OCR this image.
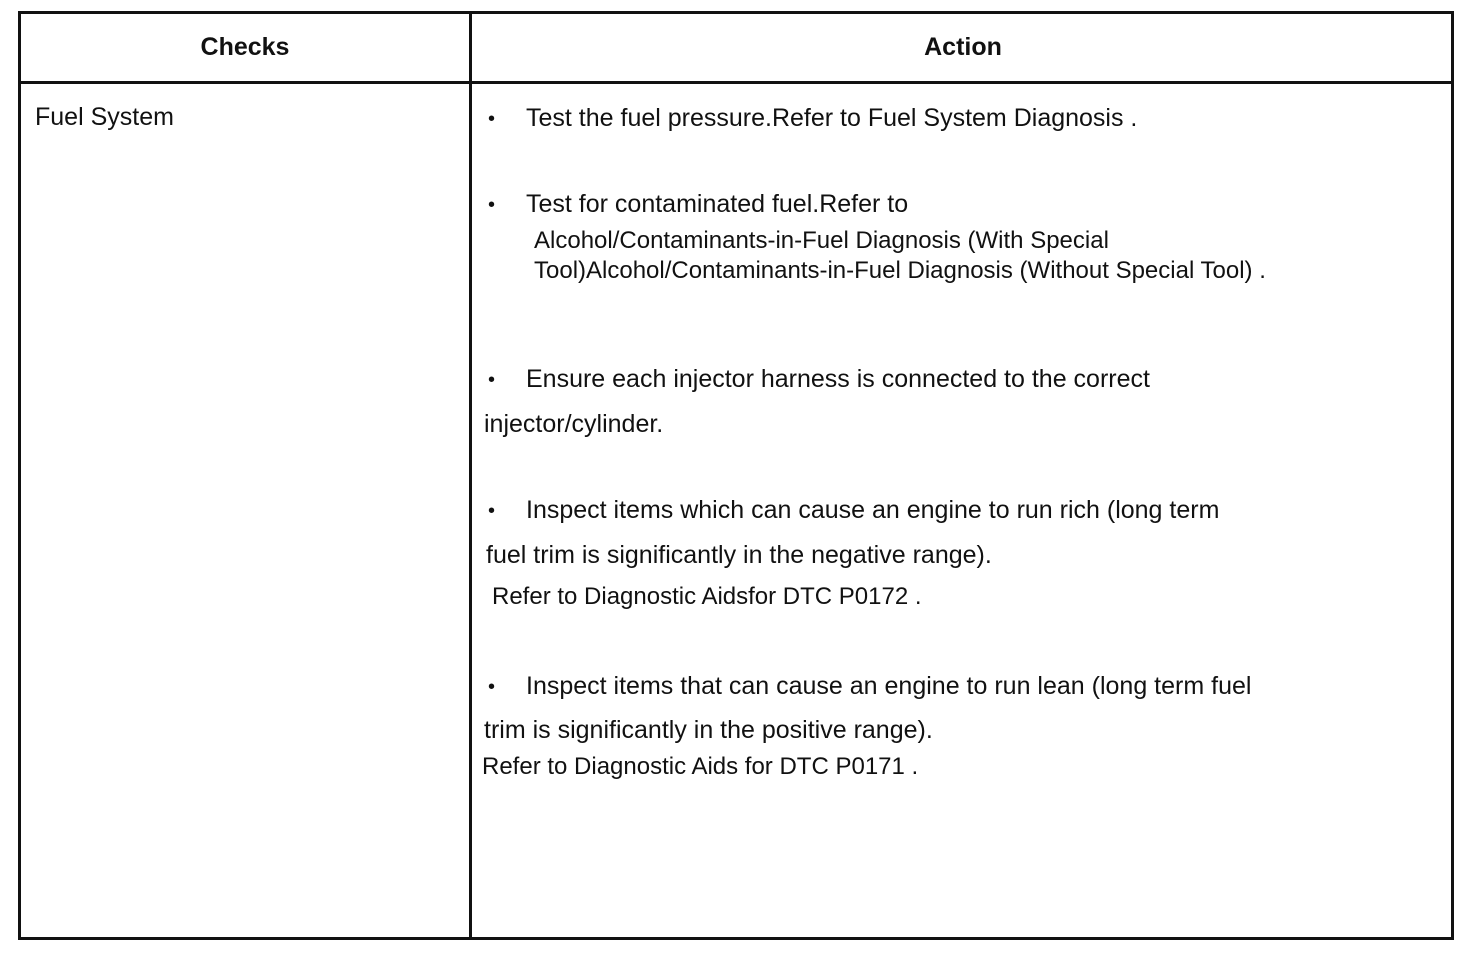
Checks	Action
Fuel System	• Test the fuel pressure.Refer to Fuel System Diagnosis .
• Test for contaminated fuel.Refer to
Alcohol/Contaminants-in-Fuel Diagnosis (With Special
Tool)Alcohol/Contaminants-in-Fuel Diagnosis (Without Special Tool) .
• Ensure each injector harness is connected to the correct
injector/cylinder.
• Inspect items which can cause an engine to run rich (long term
fuel trim is significantly in the negative range).
Refer to Diagnostic Aidsfor DTC P0172 .
• Inspect items that can cause an engine to run lean (long term fuel
trim is significantly in the positive range).
Refer to Diagnostic Aids for DTC P0171 .
